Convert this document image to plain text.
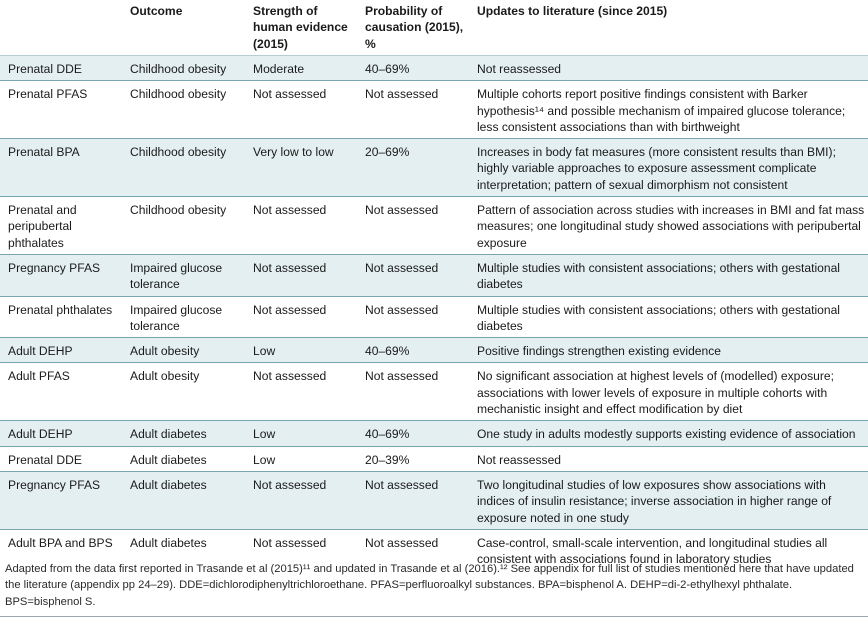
	Outcome	Strength of human evidence (2015)	Probability of causation (2015), %	Updates to literature (since 2015)
Prenatal DDE	Childhood obesity	Moderate	40–69%	Not reassessed
Prenatal PFAS	Childhood obesity	Not assessed	Not assessed	Multiple cohorts report positive findings consistent with Barker hypothesis¹⁴ and possible mechanism of impaired glucose tolerance; less consistent associations than with birthweight
Prenatal BPA	Childhood obesity	Very low to low	20–69%	Increases in body fat measures (more consistent results than BMI); highly variable approaches to exposure assessment complicate interpretation; pattern of sexual dimorphism not consistent
Prenatal and peripubertal phthalates	Childhood obesity	Not assessed	Not assessed	Pattern of association across studies with increases in BMI and fat mass measures; one longitudinal study showed associations with peripubertal exposure
Pregnancy PFAS	Impaired glucose tolerance	Not assessed	Not assessed	Multiple studies with consistent associations; others with gestational diabetes
Prenatal phthalates	Impaired glucose tolerance	Not assessed	Not assessed	Multiple studies with consistent associations; others with gestational diabetes
Adult DEHP	Adult obesity	Low	40–69%	Positive findings strengthen existing evidence
Adult PFAS	Adult obesity	Not assessed	Not assessed	No significant association at highest levels of (modelled) exposure; associations with lower levels of exposure in multiple cohorts with mechanistic insight and effect modification by diet
Adult DEHP	Adult diabetes	Low	40–69%	One study in adults modestly supports existing evidence of association
Prenatal DDE	Adult diabetes	Low	20–39%	Not reassessed
Pregnancy PFAS	Adult diabetes	Not assessed	Not assessed	Two longitudinal studies of low exposures show associations with indices of insulin resistance; inverse association in higher range of exposure noted in one study
Adult BPA and BPS	Adult diabetes	Not assessed	Not assessed	Case-control, small-scale intervention, and longitudinal studies all consistent with associations found in laboratory studies
Adapted from the data first reported in Trasande et al (2015)¹¹ and updated in Trasande et al (2016).¹² See appendix for full list of studies mentioned here that have updated the literature (appendix pp 24–29). DDE=dichlorodiphenyltrichloroethane. PFAS=perfluoroalkyl substances. BPA=bisphenol A. DEHP=di-2-ethylhexyl phthalate. BPS=bisphenol S.
